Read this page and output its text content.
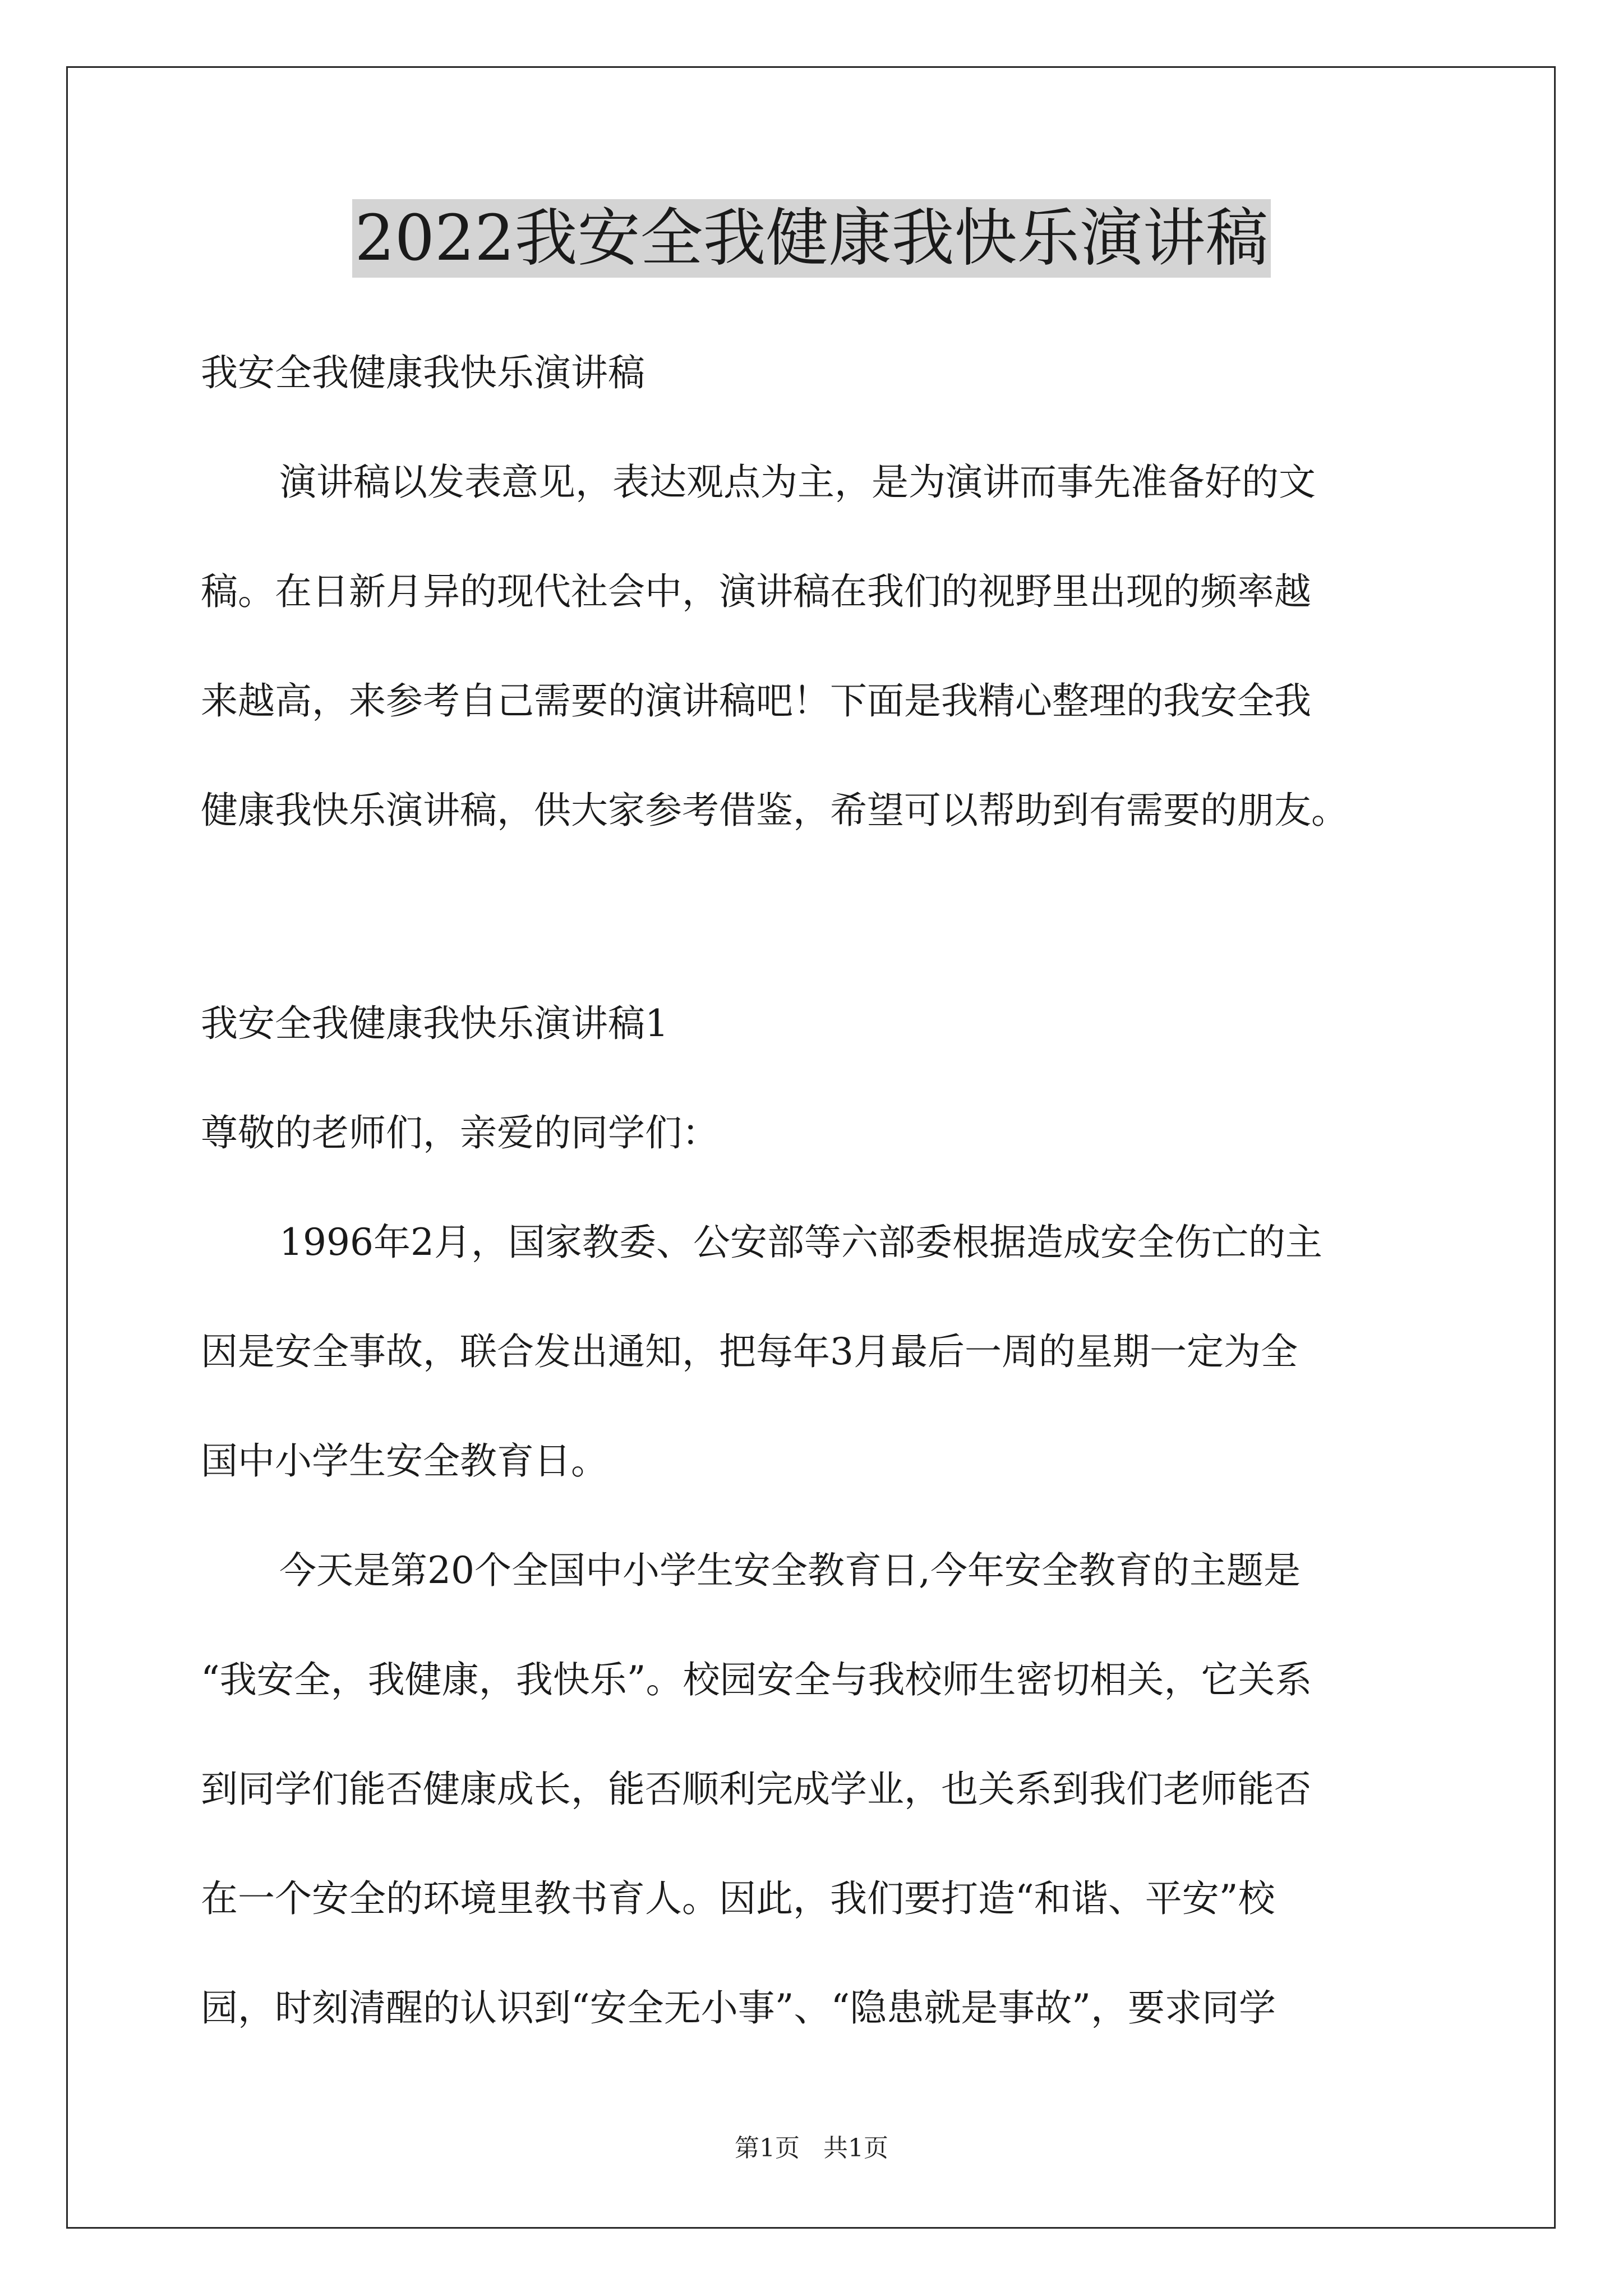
2022我安全我健康我快乐演讲稿
我安全我健康我快乐演讲稿
演讲稿以发表意见，表达观点为主，是为演讲而事先准备好的文
稿。在日新月异的现代社会中，演讲稿在我们的视野里出现的频率越
来越高，来参考自己需要的演讲稿吧！下面是我精心整理的我安全我
健康我快乐演讲稿，供大家参考借鉴，希望可以帮助到有需要的朋友。
我安全我健康我快乐演讲稿1
尊敬的老师们，亲爱的同学们：
1996年2月，国家教委、公安部等六部委根据造成安全伤亡的主
因是安全事故，联合发出通知，把每年3月最后一周的星期一定为全
国中小学生安全教育日。
今天是第20个全国中小学生安全教育日,今年安全教育的主题是
“我安全，我健康，我快乐”。校园安全与我校师生密切相关，它关系
到同学们能否健康成长，能否顺利完成学业，也关系到我们老师能否
在一个安全的环境里教书育人。因此，我们要打造“和谐、平安”校
园，时刻清醒的认识到“安全无小事”、“隐患就是事故”，要求同学
第1页 共1页
